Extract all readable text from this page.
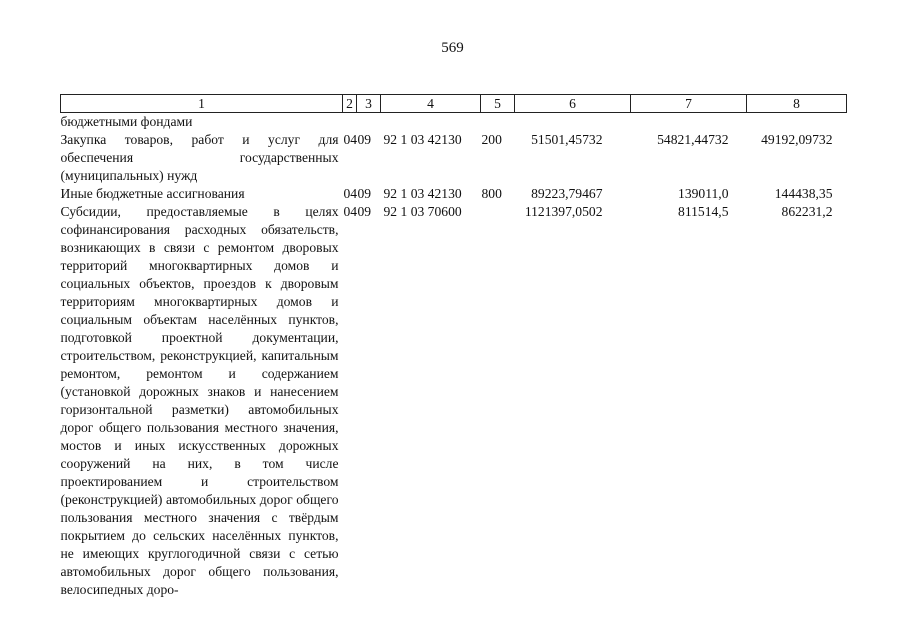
569
1	2	3	4	5	6	7	8
бюджетными фондами							
Закупка товаров, работ и услуг для обеспечения государственных (муниципальных) нужд	04	09	92 1 03 42130	200	51501,45732	54821,44732	49192,09732
Иные бюджетные ассигнования	04	09	92 1 03 42130	800	89223,79467	139011,0	144438,35
Субсидии, предоставляемые в целях софинансирования расходных обязательств, возникающих в связи с ремонтом дворовых территорий многоквартирных домов и социальных объектов, проездов к дворовым территориям многоквартирных домов и социальным объектам населённых пунктов, подготовкой проектной документации, строительством, реконструкцией, капитальным ремонтом, ремонтом и содержанием (установкой дорожных знаков и нанесением горизонтальной разметки) автомобильных дорог общего пользования местного значения, мостов и иных искусственных дорожных сооружений на них, в том числе проектированием и строительством (реконструкцией) автомобильных дорог общего пользования местного значения с твёрдым покрытием до сельских населённых пунктов, не имеющих круглогодичной связи с сетью автомобильных дорог общего пользования, велосипедных доро-	04	09	92 1 03 70600		1121397,0502	811514,5	862231,2
